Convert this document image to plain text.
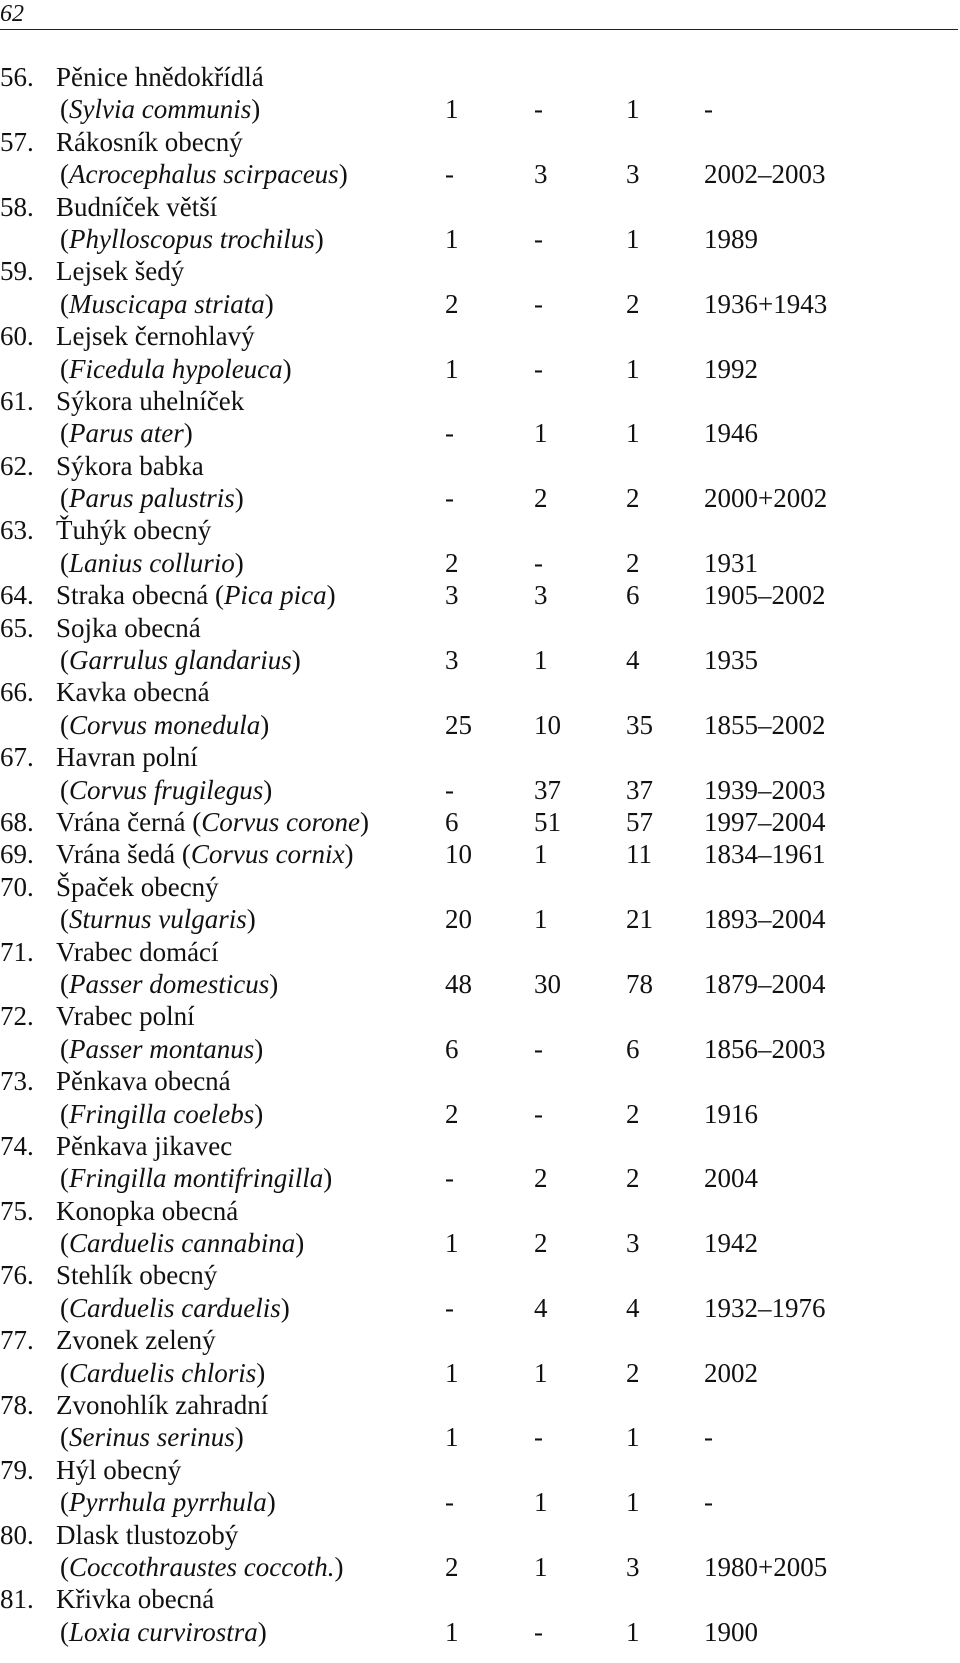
62
56. Pěnice hnědokřídlá
(Sylvia communis)	1	-	1 -
57. Rákosník obecný
(Acrocephalus scirpaceus)	-	3	3 2002–2003
58. Budníček větší
(Phylloscopus trochilus)	1	-	1 1989
59. Lejsek šedý
(Muscicapa striata)	2	-	2 1936+1943
60. Lejsek černohlavý
(Ficedula hypoleuca)	1	-	1 1992
61. Sýkora uhelníček
(Parus ater)	-	1	1 1946
62. Sýkora babka
(Parus palustris)	-	2	2 2000+2002
63. Ťuhýk obecný
(Lanius collurio)	2	-	2 1931
64. Straka obecná (Pica pica)	3	3	6 1905–2002
65. Sojka obecná
(Garrulus glandarius)	3	1	4 1935
66. Kavka obecná
(Corvus monedula)	25 10 35 1855–2002
67. Havran polní
(Corvus frugilegus)	-	37 37 1939–2003
68. Vrána černá (Corvus corone)	6	51 57 1997–2004
69. Vrána šedá (Corvus cornix)	10 1	11 1834–1961
70. Špaček obecný
(Sturnus vulgaris)	20 1	21 1893–2004
71. Vrabec domácí
(Passer domesticus)	48 30 78 1879–2004
72. Vrabec polní
(Passer montanus)	6	-	6 1856–2003
73. Pěnkava obecná
(Fringilla coelebs)	2	-	2 1916
74. Pěnkava jikavec
(Fringilla montifringilla)	-	2	2 2004
75. Konopka obecná
(Carduelis cannabina)	1	2	3 1942
76. Stehlík obecný
(Carduelis carduelis)	-	4	4 1932–1976
77. Zvonek zelený
(Carduelis chloris)	1	1	2 2002
78. Zvonohlík zahradní
(Serinus serinus)	1	-	1 -
79. Hýl obecný
(Pyrrhula pyrrhula)	-	1	1 -
80. Dlask tlustozobý
(Coccothraustes coccoth.)	2	1	3 1980+2005
81. Křivka obecná
(Loxia curvirostra)	1	-	1 1900
